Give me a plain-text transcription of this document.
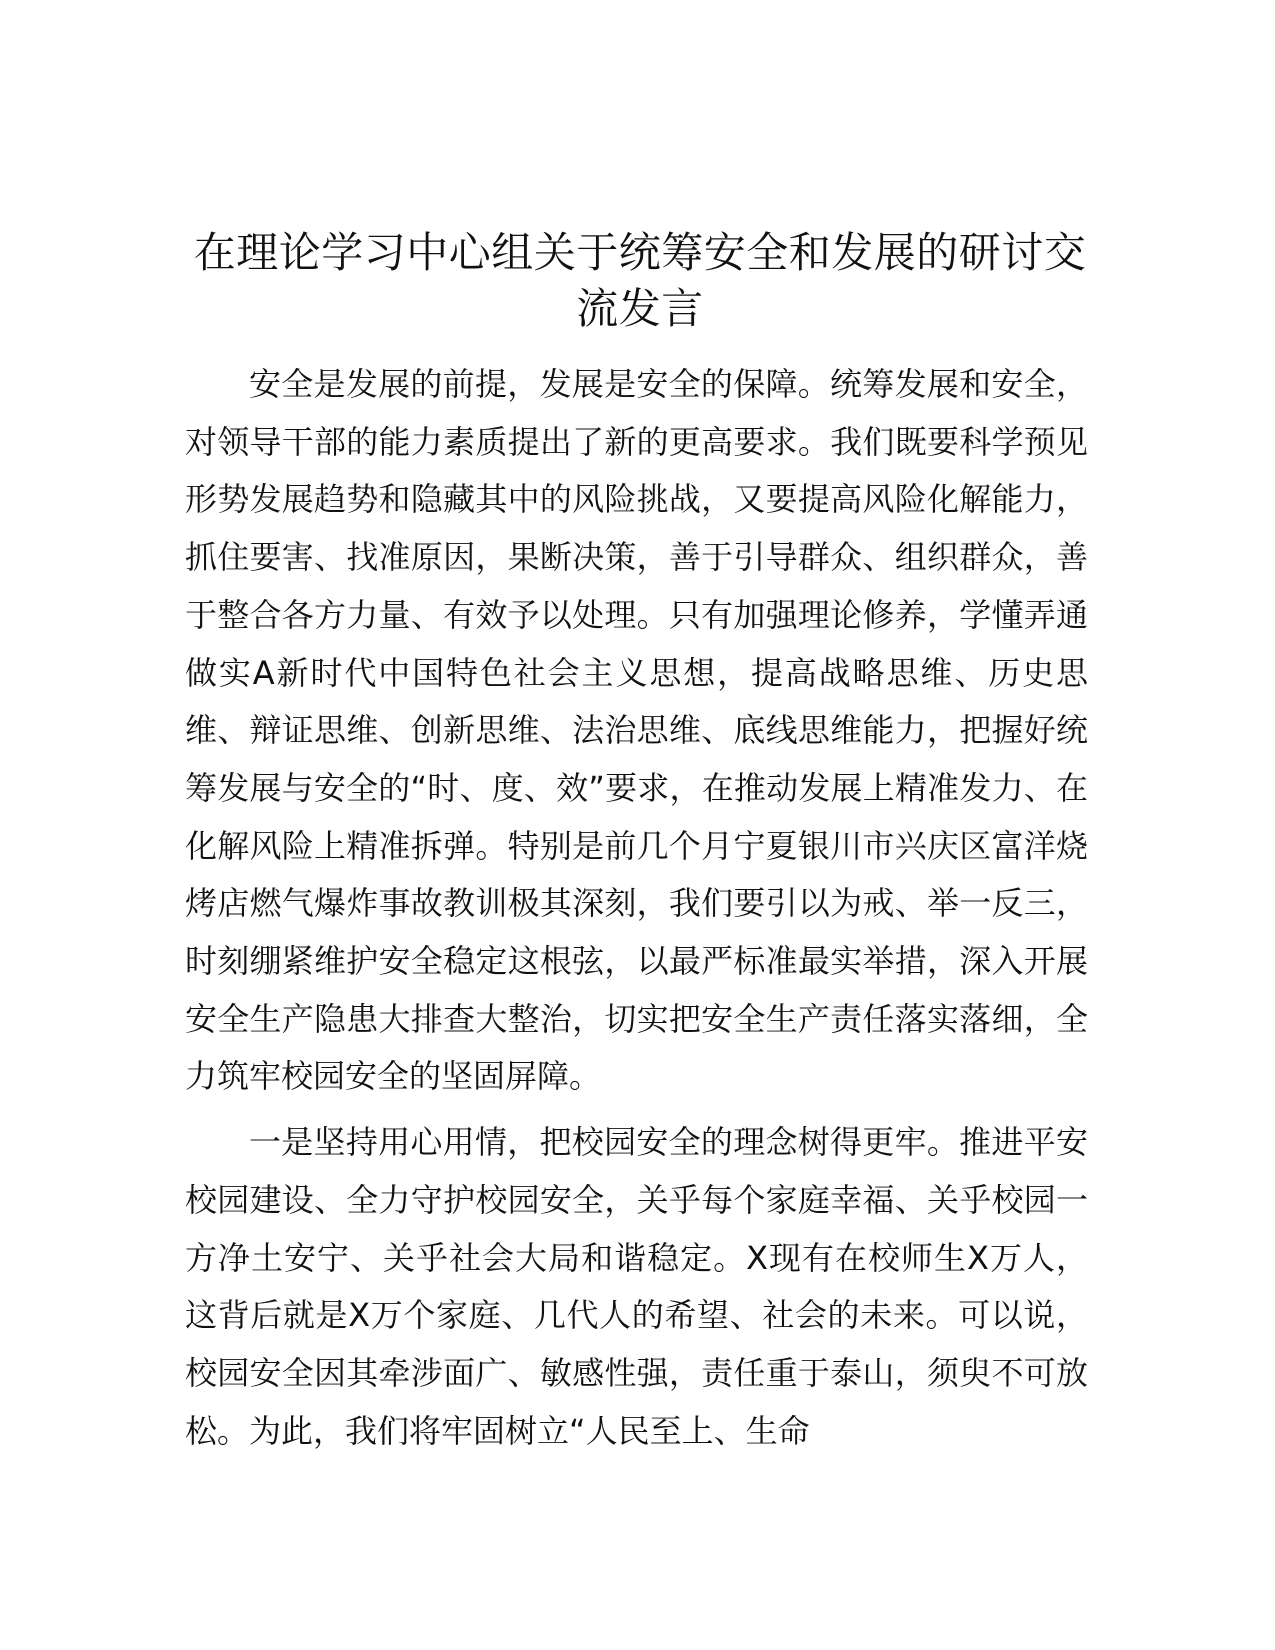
在理论学习中心组关于统筹安全和发展的研讨交流发言

安全是发展的前提，发展是安全的保障。统筹发展和安全，对领导干部的能力素质提出了新的更高要求。我们既要科学预见形势发展趋势和隐藏其中的风险挑战，又要提高风险化解能力，抓住要害、找准原因，果断决策，善于引导群众、组织群众，善于整合各方力量、有效予以处理。只有加强理论修养，学懂弄通做实A新时代中国特色社会主义思想，提高战略思维、历史思维、辩证思维、创新思维、法治思维、底线思维能力，把握好统筹发展与安全的“时、度、效”要求，在推动发展上精准发力、在化解风险上精准拆弹。特别是前几个月宁夏银川市兴庆区富洋烧烤店燃气爆炸事故教训极其深刻，我们要引以为戒、举一反三，时刻绷紧维护安全稳定这根弦，以最严标准最实举措，深入开展安全生产隐患大排查大整治，切实把安全生产责任落实落细，全力筑牢校园安全的坚固屏障。

一是坚持用心用情，把校园安全的理念树得更牢。推进平安校园建设、全力守护校园安全，关乎每个家庭幸福、关乎校园一方净土安宁、关乎社会大局和谐稳定。X现有在校师生X万人，这背后就是X万个家庭、几代人的希望、社会的未来。可以说，校园安全因其牵涉面广、敏感性强，责任重于泰山，须臾不可放松。为此，我们将牢固树立“人民至上、生命
